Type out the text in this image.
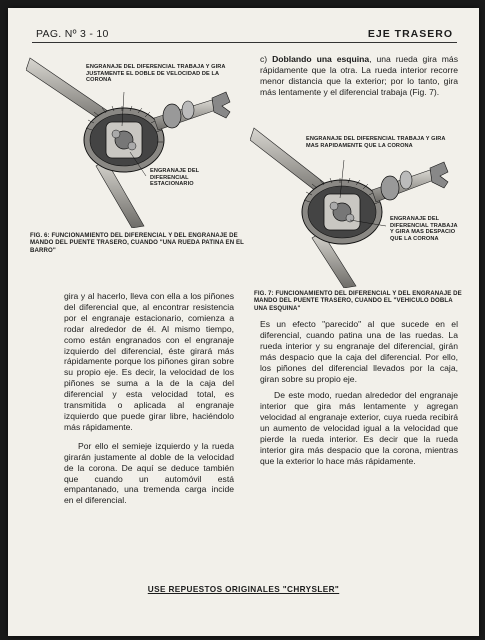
PAG. Nº 3 - 10	EJE TRASERO
ENGRANAJE DEL DIFERENCIAL TRABAJA Y GIRA JUSTAMENTE EL DOBLE DE VELOCIDAD DE LA CORONA
ENGRANAJE DEL DIFERENCIAL ESTACIONARIO
FIG. 6: FUNCIONAMIENTO DEL DIFERENCIAL Y DEL ENGRANAJE DE MANDO DEL PUENTE TRASERO, CUANDO "UNA RUEDA PATINA EN EL BARRO"

c) Doblando una esquina, una rueda gira más rápidamente que la otra. La rueda interior recorre menor distancia que la exterior; por lo tanto, gira más lentamente y el diferencial trabaja (Fig. 7).

ENGRANAJE DEL DIFERENCIAL TRABAJA Y GIRA MAS RAPIDAMENTE QUE LA CORONA
ENGRANAJE DEL DIFERENCIAL TRABAJA Y GIRA MAS DESPACIO QUE LA CORONA
FIG. 7: FUNCIONAMIENTO DEL DIFERENCIAL Y DEL ENGRANAJE DE MANDO DEL PUENTE TRASERO, CUANDO EL "VEHICULO DOBLA UNA ESQUINA"

gira y al hacerlo, lleva con ella a los piñones del diferencial que, al encontrar resistencia por el engranaje estacionario, comienza a rodar alrededor de él. Al mismo tiempo, como están engranados con el engranaje izquierdo del diferencial, éste girará más rápidamente porque los piñones giran sobre su propio eje. Es decir, la velocidad de los piñones se suma a la de la caja del diferencial y esta velocidad total, es transmitida o aplicada al engranaje izquierdo que puede girar libre, haciéndolo más rápidamente.

Por ello el semieje izquierdo y la rueda girarán justamente al doble de la velocidad de la corona. De aquí se deduce también que cuando un automóvil está empantanado, una tremenda carga incide en el diferencial.

Es un efecto "parecido" al que sucede en el diferencial, cuando patina una de las ruedas. La rueda interior y su engranaje del diferencial, girán más despacio que la caja del diferencial. Por ello, los piñones del diferencial llevados por la caja, giran sobre su propio eje.

De este modo, ruedan alrededor del engranaje interior que gira más lentamente y agregan velocidad al engranaje exterior, cuya rueda recibirá un aumento de velocidad igual a la velocidad que pierde la rueda interior. Es decir que la rueda interior gira más despacio que la corona, mientras que la exterior lo hace más rápidamente.

USE REPUESTOS ORIGINALES "CHRYSLER"
